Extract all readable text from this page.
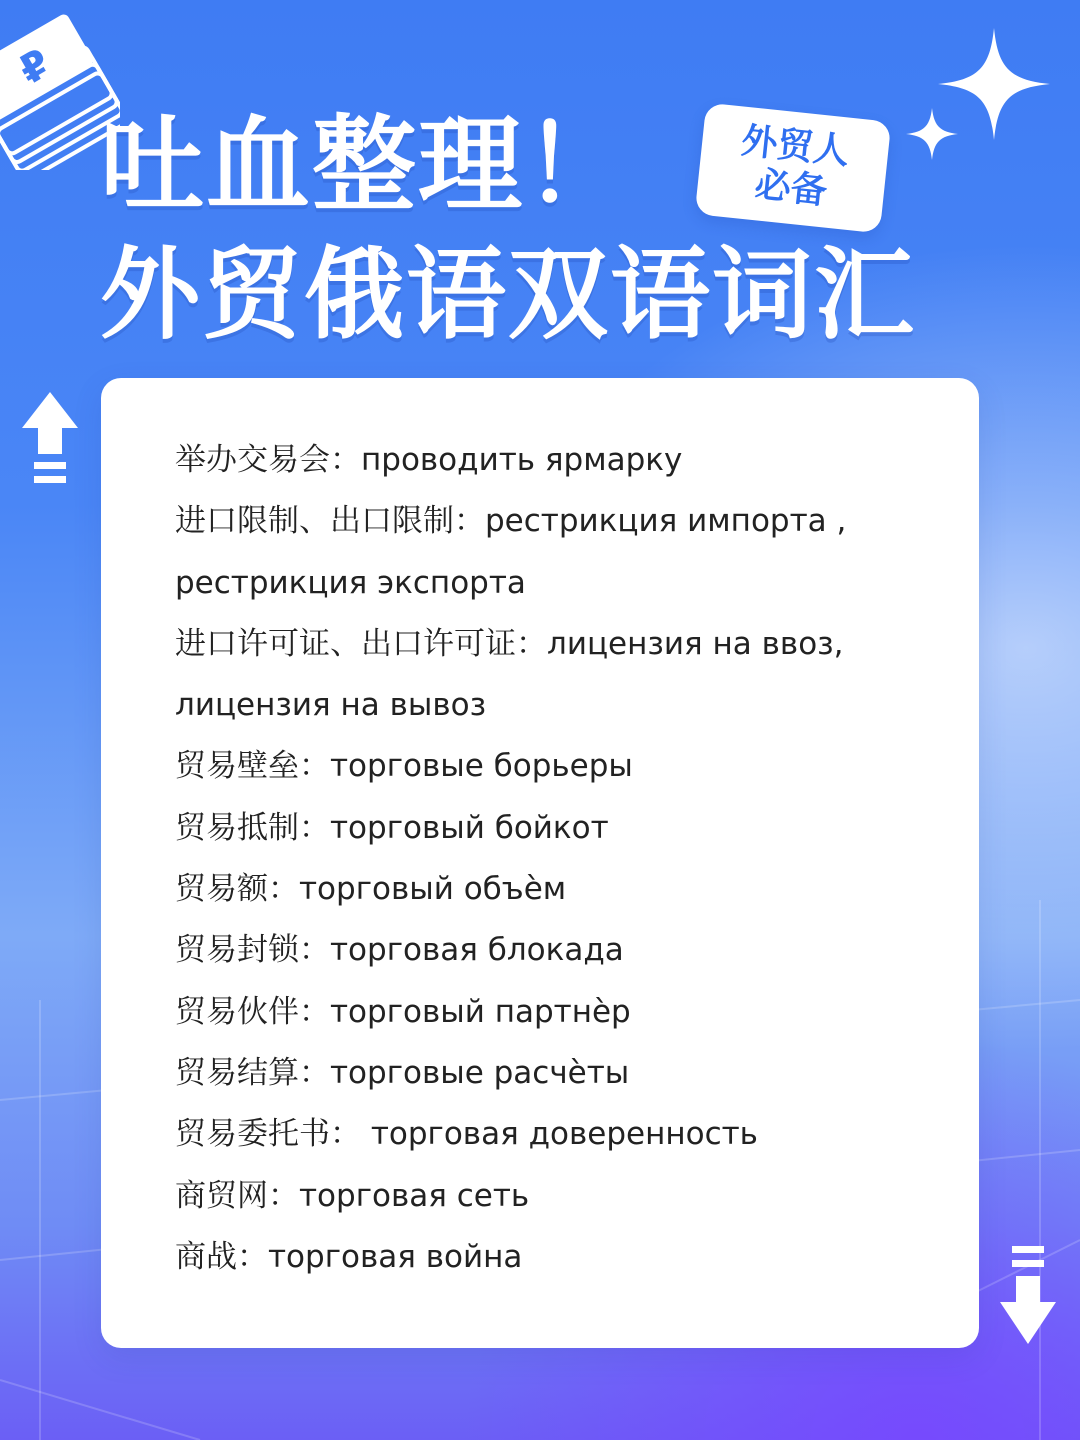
₽
吐血整理！
外贸俄语双语词汇
外贸人
必备

举办交易会：проводить ярмарку

进口限制、出口限制：рестрикция импорта ,

рестрикция экспорта

进口许可证、出口许可证：лицензия на ввоз,

лицензия на вывоз

贸易壁垒：торговые борьеры

贸易抵制：торговый бойкот

贸易额：торговый объѐм

贸易封锁：торговая блокада

贸易伙伴：торговый партнѐр

贸易结算：торговые расчѐты

贸易委托书： торговая доверенность

商贸网：торговая сеть

商战：торговая война
